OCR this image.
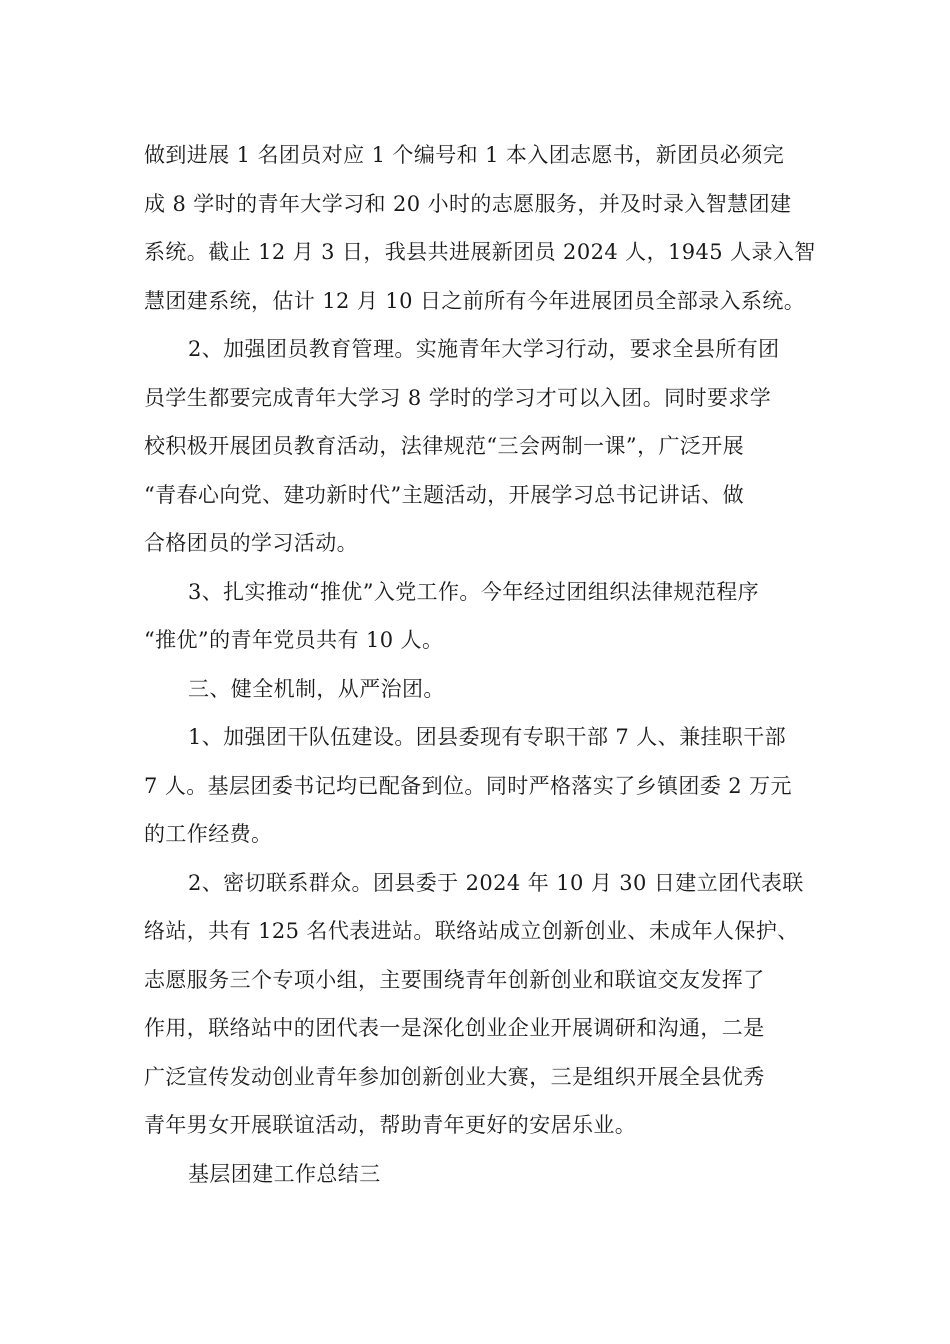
做到进展 1 名团员对应 1 个编号和 1 本入团志愿书，新团员必须完
成 8 学时的青年大学习和 20 小时的志愿服务，并及时录入智慧团建
系统。截止 12 月 3 日，我县共进展新团员 2024 人，1945 人录入智
慧团建系统，估计 12 月 10 日之前所有今年进展团员全部录入系统。

2、加强团员教育管理。实施青年大学习行动，要求全县所有团
员学生都要完成青年大学习 8 学时的学习才可以入团。同时要求学
校积极开展团员教育活动，法律规范“三会两制一课”，广泛开展
“青春心向党、建功新时代”主题活动，开展学习总书记讲话、做
合格团员的学习活动。

3、扎实推动“推优”入党工作。今年经过团组织法律规范程序
“推优”的青年党员共有 10 人。

三、健全机制，从严治团。

1、加强团干队伍建设。团县委现有专职干部 7 人、兼挂职干部
7 人。基层团委书记均已配备到位。同时严格落实了乡镇团委 2 万元
的工作经费。

2、密切联系群众。团县委于 2024 年 10 月 30 日建立团代表联
络站，共有 125 名代表进站。联络站成立创新创业、未成年人保护、
志愿服务三个专项小组，主要围绕青年创新创业和联谊交友发挥了
作用，联络站中的团代表一是深化创业企业开展调研和沟通，二是
广泛宣传发动创业青年参加创新创业大赛，三是组织开展全县优秀
青年男女开展联谊活动，帮助青年更好的安居乐业。

基层团建工作总结三
